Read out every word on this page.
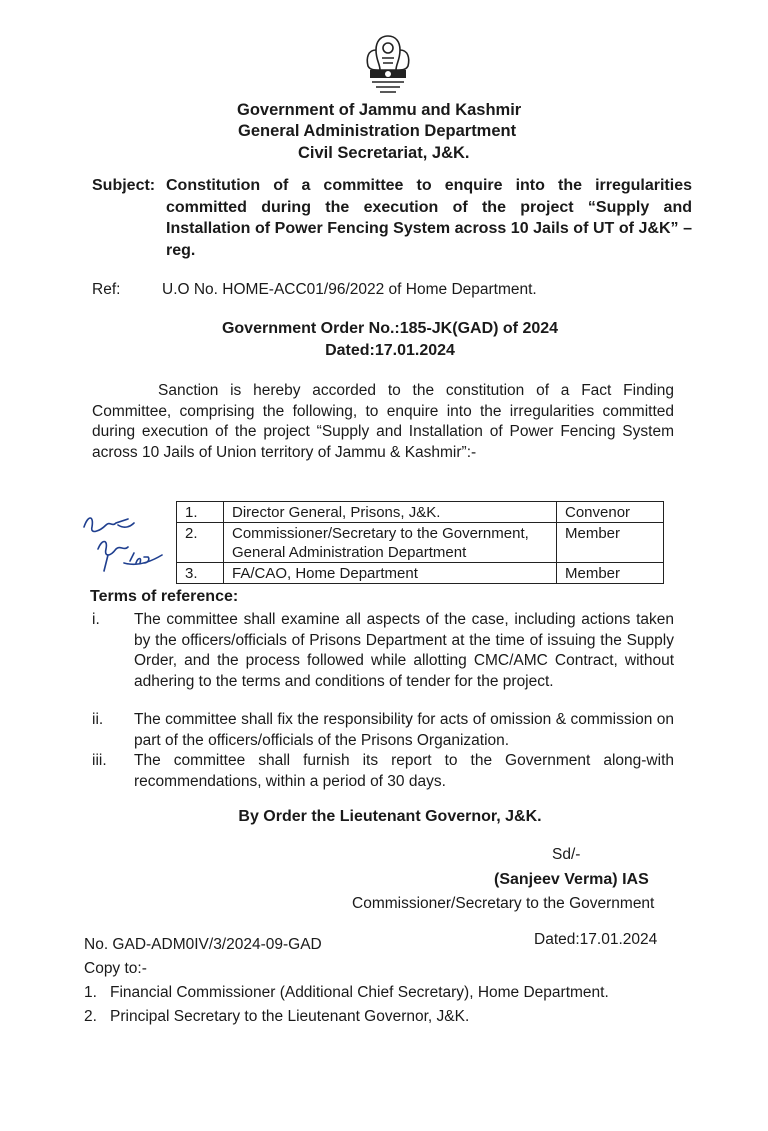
Government of Jammu and Kashmir
General Administration Department
Civil Secretariat, J&K.
Subject: Constitution of a committee to enquire into the irregularities committed during the execution of the project “Supply and Installation of Power Fencing System across 10 Jails of UT of J&K” – reg.
Ref:	U.O No. HOME-ACC01/96/2022 of Home Department.
Government Order No.:185-JK(GAD) of 2024
Dated:17.01.2024
Sanction is hereby accorded to the constitution of a Fact Finding Committee, comprising the following, to enquire into the irregularities committed during execution of the project “Supply and Installation of Power Fencing System across 10 Jails of Union territory of Jammu & Kashmir”:-
1.	Director General, Prisons, J&K.	Convenor
2.	Commissioner/Secretary to the Government, General Administration Department	Member
3.	FA/CAO, Home Department	Member
Terms of reference:
i. The committee shall examine all aspects of the case, including actions taken by the officers/officials of Prisons Department at the time of issuing the Supply Order, and the process followed while allotting CMC/AMC Contract, without adhering to the terms and conditions of tender for the project.
ii. The committee shall fix the responsibility for acts of omission & commission on part of the officers/officials of the Prisons Organization.
iii. The committee shall furnish its report to the Government along-with recommendations, within a period of 30 days.
By Order the Lieutenant Governor, J&K.
Sd/-
(Sanjeev Verma) IAS
Commissioner/Secretary to the Government
No. GAD-ADM0IV/3/2024-09-GAD	Dated:17.01.2024
Copy to:-
1. Financial Commissioner (Additional Chief Secretary), Home Department.
2. Principal Secretary to the Lieutenant Governor, J&K.
